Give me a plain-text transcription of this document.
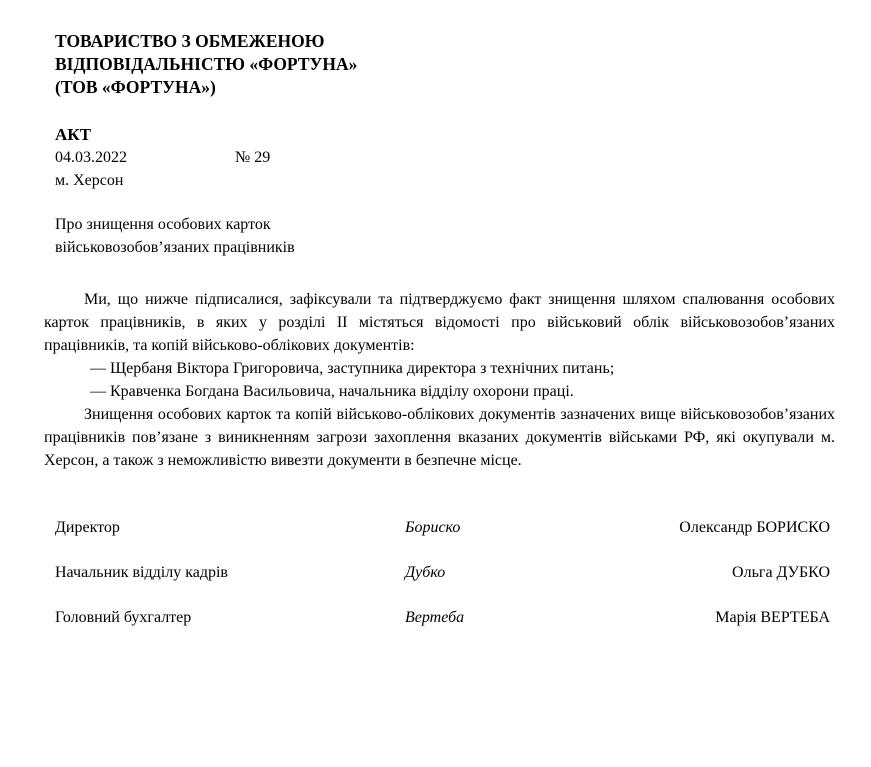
ТОВАРИСТВО З ОБМЕЖЕНОЮ
ВІДПОВІДАЛЬНІСТЮ «ФОРТУНА»
(ТОВ «ФОРТУНА»)
АКТ
04.03.2022	№ 29
м. Херсон
Про знищення особових карток
військовозобов’язаних працівників
Ми, що нижче підписалися, зафіксували та підтверджуємо факт знищення шляхом спалювання особових карток працівників, в яких у розділі ІІ містяться відомості про військовий облік військовозобов’язаних працівників, та копій військово-облікових документів:
— Щербаня Віктора Григоровича, заступника директора з технічних питань;
— Кравченка Богдана Васильовича, начальника відділу охорони праці.
Знищення особових карток та копій військово-облікових документів зазначених вище військовозобов’язаних працівників пов’язане з виникненням загрози захоплення вказаних документів військами РФ, які окупували м. Херсон, а також з неможливістю вивезти документи в безпечне місце.
Директор	Бориско	Олександр БОРИСКО
Начальник відділу кадрів	Дубко	Ольга ДУБКО
Головний бухгалтер	Вертеба	Марія ВЕРТЕБА
